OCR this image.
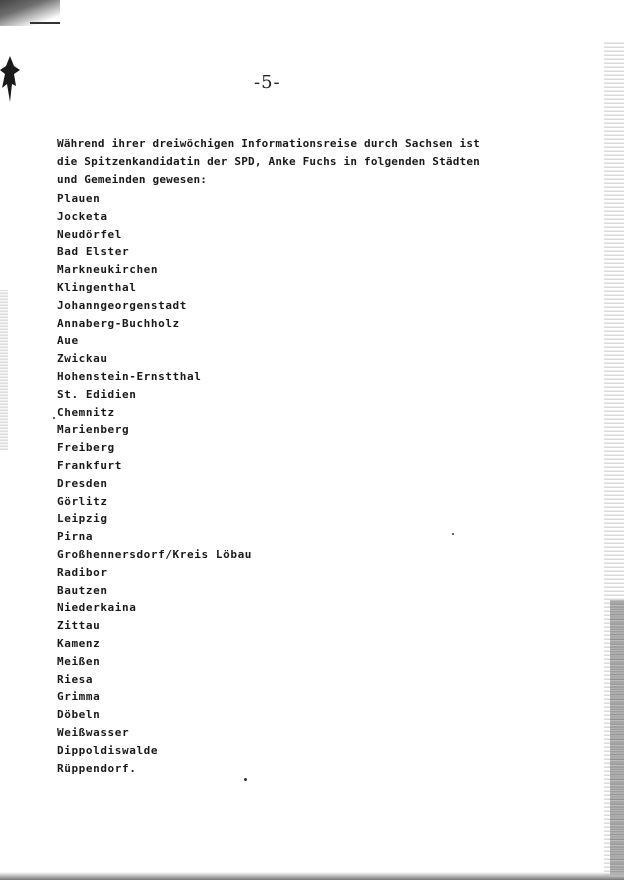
-5-

Während ihrer dreiwöchigen Informationsreise durch Sachsen ist
die Spitzenkandidatin der SPD, Anke Fuchs in folgenden Städten
und Gemeinden gewesen:

Plauen
Jocketa
Neudörfel
Bad Elster
Markneukirchen
Klingenthal
Johanngeorgenstadt
Annaberg-Buchholz
Aue
Zwickau
Hohenstein-Ernstthal
St. Edidien
Chemnitz
Marienberg
Freiberg
Frankfurt
Dresden
Görlitz
Leipzig
Pirna
Großhennersdorf/Kreis Löbau
Radibor
Bautzen
Niederkaina
Zittau
Kamenz
Meißen
Riesa
Grimma
Döbeln
Weißwasser
Dippoldiswalde
Rüppendorf.
